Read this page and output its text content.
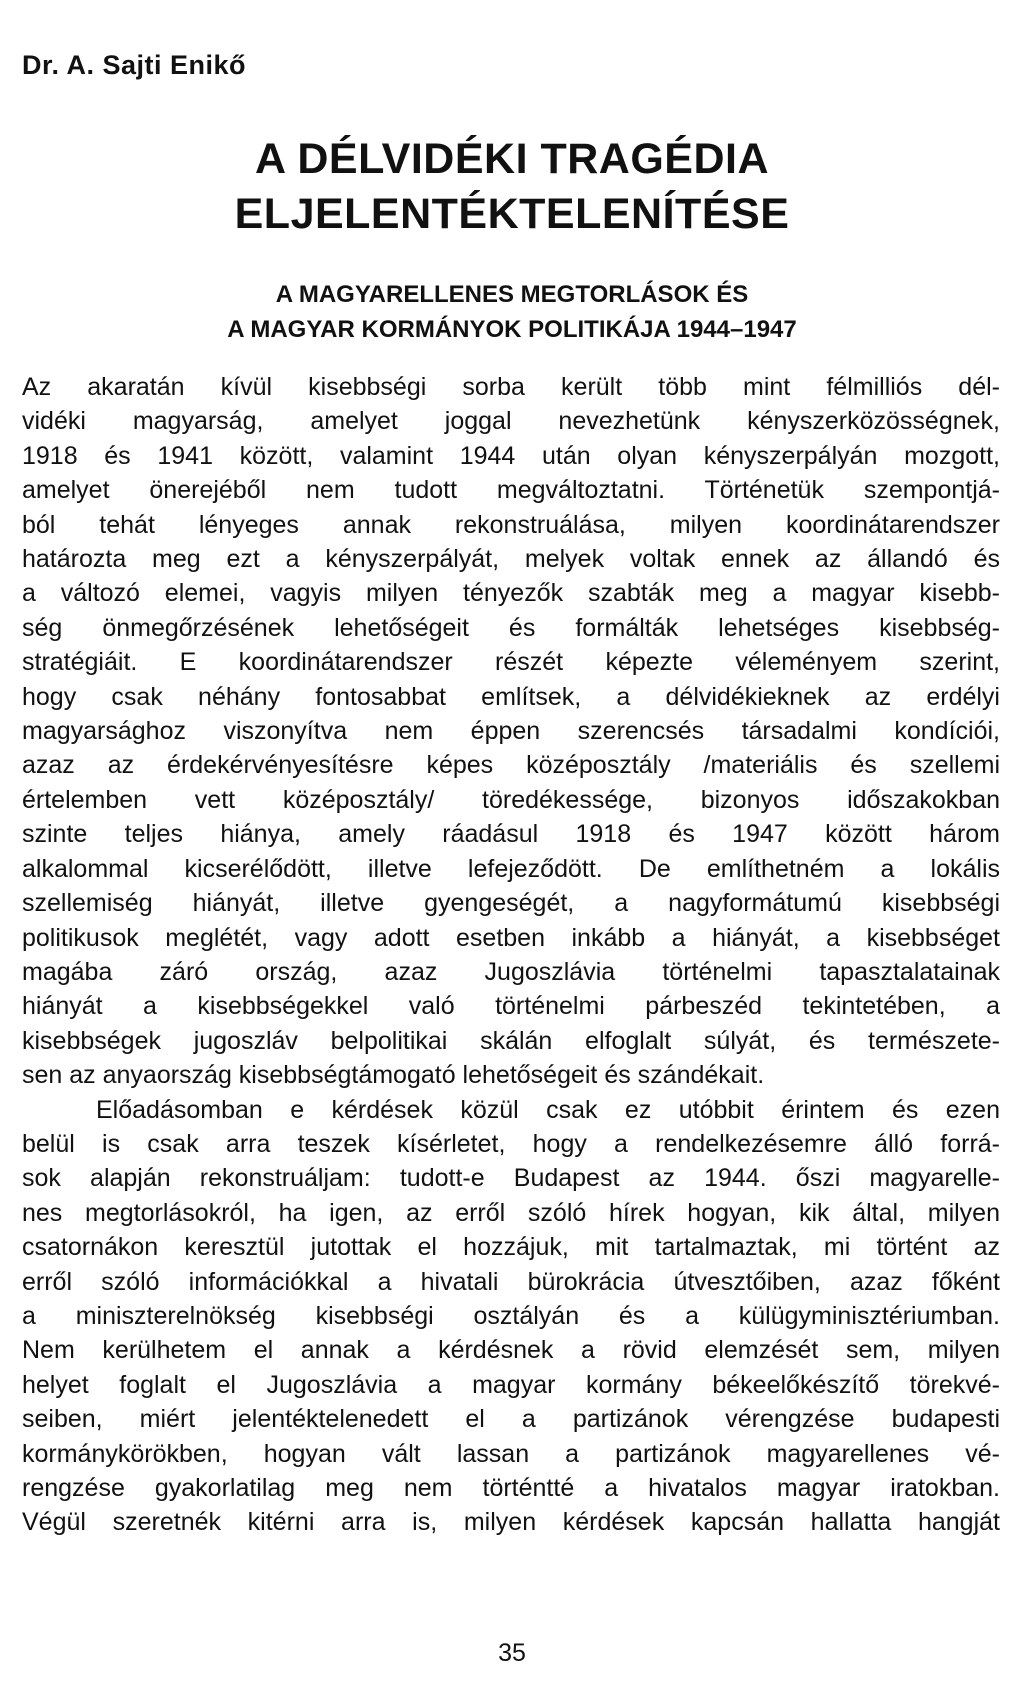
Dr. A. Sajti Enikő
A DÉLVIDÉKI TRAGÉDIA
ELJELENTÉKTELENÍTÉSE
A MAGYARELLENES MEGTORLÁSOK ÉS
A MAGYAR KORMÁNYOK POLITIKÁJA 1944–1947
Az akaratán kívül kisebbségi sorba került több mint félmilliós dél-
vidéki magyarság, amelyet joggal nevezhetünk kényszerközösségnek,
1918 és 1941 között, valamint 1944 után olyan kényszerpályán mozgott,
amelyet önerejéből nem tudott megváltoztatni. Történetük szempontjá-
ból tehát lényeges annak rekonstruálása, milyen koordinátarendszer
határozta meg ezt a kényszerpályát, melyek voltak ennek az állandó és
a változó elemei, vagyis milyen tényezők szabták meg a magyar kisebb-
ség önmegőrzésének lehetőségeit és formálták lehetséges kisebbség-
stratégiáit. E koordinátarendszer részét képezte véleményem szerint,
hogy csak néhány fontosabbat említsek, a délvidékieknek az erdélyi
magyarsághoz viszonyítva nem éppen szerencsés társadalmi kondíciói,
azaz az érdekérvényesítésre képes középosztály /materiális és szellemi
értelemben vett középosztály/ töredékessége, bizonyos időszakokban
szinte teljes hiánya, amely ráadásul 1918 és 1947 között három
alkalommal kicserélődött, illetve lefejeződött. De említhetném a lokális
szellemiség hiányát, illetve gyengeségét, a nagyformátumú kisebbségi
politikusok meglétét, vagy adott esetben inkább a hiányát, a kisebbséget
magába záró ország, azaz Jugoszlávia történelmi tapasztalatainak
hiányát a kisebbségekkel való történelmi párbeszéd tekintetében, a
kisebbségek jugoszláv belpolitikai skálán elfoglalt súlyát, és természete-
sen az anyaország kisebbségtámogató lehetőségeit és szándékait.
Előadásomban e kérdések közül csak ez utóbbit érintem és ezen
belül is csak arra teszek kísérletet, hogy a rendelkezésemre álló forrá-
sok alapján rekonstruáljam: tudott-e Budapest az 1944. őszi magyarelle-
nes megtorlásokról, ha igen, az erről szóló hírek hogyan, kik által, milyen
csatornákon keresztül jutottak el hozzájuk, mit tartalmaztak, mi történt az
erről szóló információkkal a hivatali bürokrácia útvesztőiben, azaz főként
a miniszterelnökség kisebbségi osztályán és a külügyminisztériumban.
Nem kerülhetem el annak a kérdésnek a rövid elemzését sem, milyen
helyet foglalt el Jugoszlávia a magyar kormány békeelőkészítő törekvé-
seiben, miért jelentéktelenedett el a partizánok vérengzése budapesti
kormánykörökben, hogyan vált lassan a partizánok magyarellenes vé-
rengzése gyakorlatilag meg nem történtté a hivatalos magyar iratokban.
Végül szeretnék kitérni arra is, milyen kérdések kapcsán hallatta hangját
35
